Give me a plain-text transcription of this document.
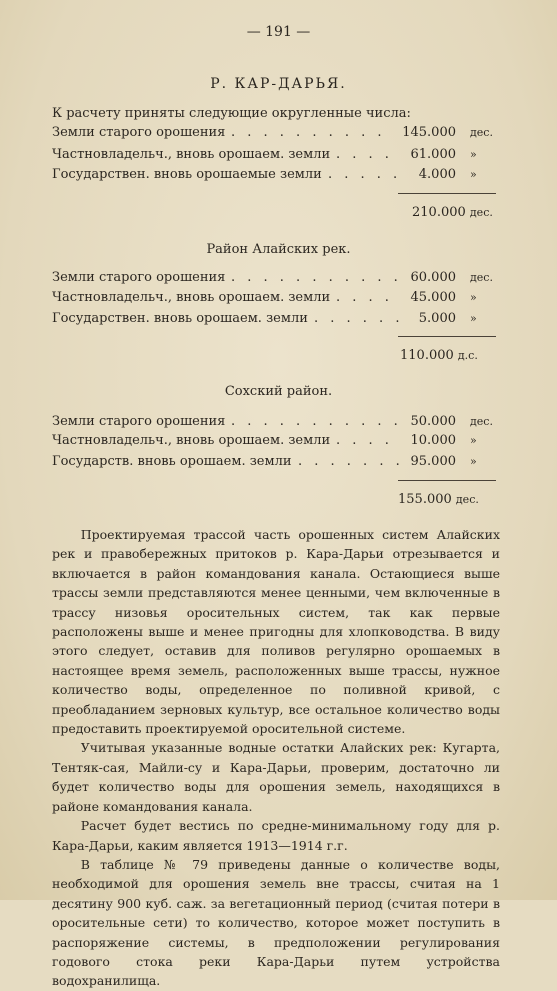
— 191 —
Р. КАР-ДАРЬЯ.
К расчету приняты следующие округленные числа:
Земли старого орошения	145.000 дес.
. . . . . . . . . .
Частновладельч., вновь орошаем. земли	61.000 »
. . . .
Государствен. вновь орошаемые земли	4.000 »
. . . . .
210.000 дес.
Район Алайских рек.
Земли старого орошения	60.000 дес.
. . . . . . . . . . .
Частновладельч., вновь орошаем. земли	45.000 »
. . . .
Государствен. вновь орошаем. земли	5.000 »
. . . . . .
110.000 д.с.
Сохский район.
Земли старого орошения	50.000 дес.
. . . . . . . . . . .
Частновладельч., вновь орошаем. земли	10.000 »
. . . .
Государств. вновь орошаем. земли	95.000 »
. . . . . . .
155.000 дес.

Проектируемая трассой часть орошенных систем Алайских рек и правобережных притоков р. Кара-Дарьи отрезывается и включается в район командования канала. Остающиеся выше трассы земли представляются менее ценными, чем включенные в трассу низовья оросительных систем, так как первые расположены выше и менее пригодны для хлопководства. В виду этого следует, оставив для поливов регулярно орошаемых в настоящее время земель, расположенных выше трассы, нужное количество воды, определенное по поливной кривой, с преобладанием зерновых культур, все остальное количество воды предоставить проектируемой оросительной системе.

Учитывая указанные водные остатки Алайских рек: Кугарта, Тентяк-сая, Майли-су и Кара-Дарьи, проверим, достаточно ли будет количество воды для орошения земель, находящихся в районе командования канала.

Расчет будет вестись по средне-минимальному году для р. Кара-Дарьи, каким является 1913—1914 г.г.

В таблице № 79 приведены данные о количестве воды, необходимой для орошения земель вне трассы, считая на 1 десятину 900 куб. саж. за вегетационный период (считая потери в оросительные сети) то количество, которое может поступить в распоряжение системы, в предположении регулирования годового стока реки Кара-Дарьи путем устройства водохранилища.
